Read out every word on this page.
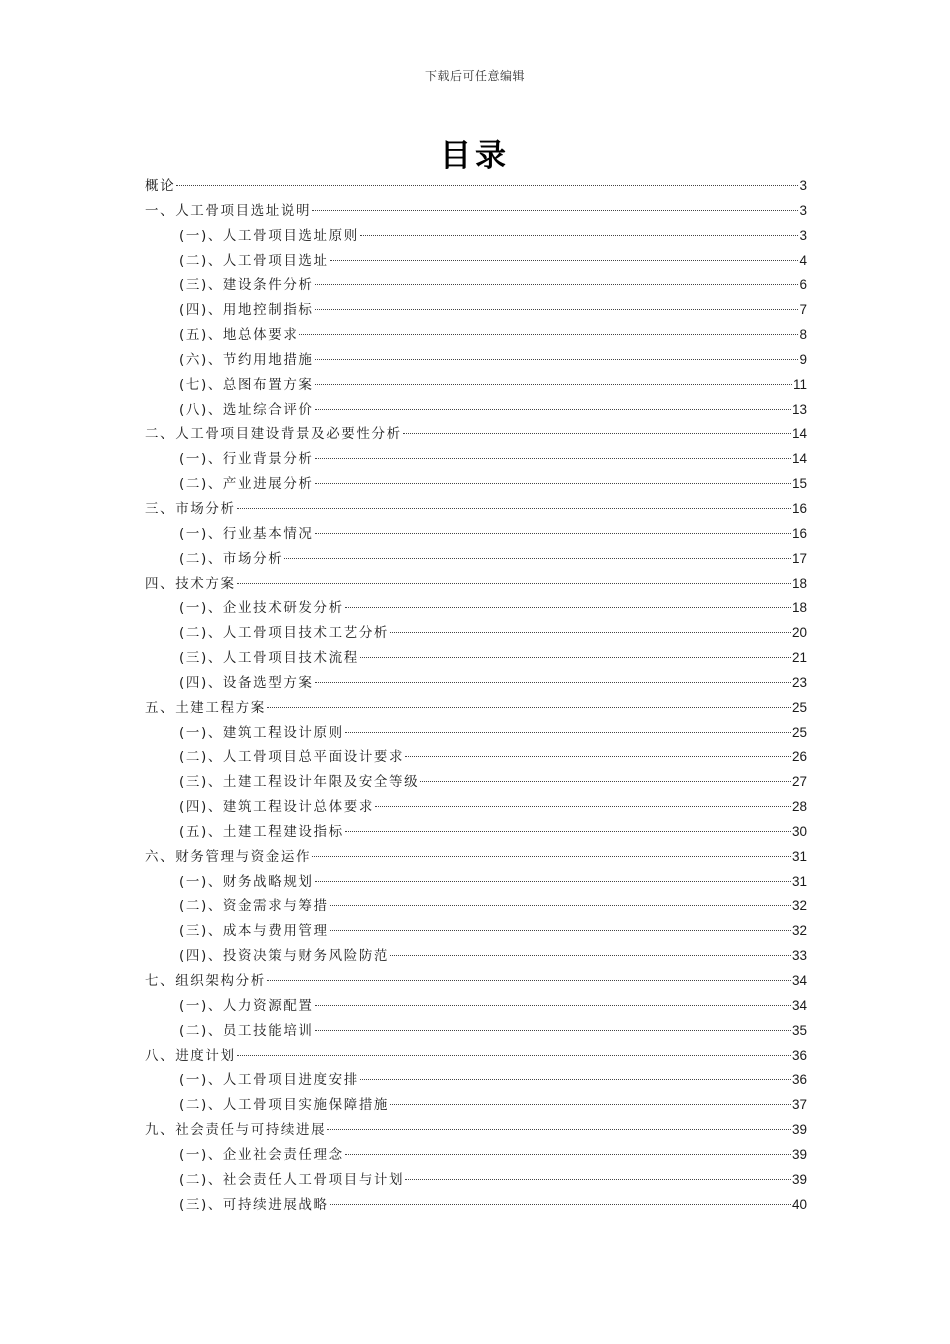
下载后可任意编辑
目录
概论	3
一、人工骨项目选址说明	3
(一)、人工骨项目选址原则	3
(二)、人工骨项目选址	4
(三)、建设条件分析	6
(四)、用地控制指标	7
(五)、地总体要求	8
(六)、节约用地措施	9
(七)、总图布置方案	11
(八)、选址综合评价	13
二、人工骨项目建设背景及必要性分析	14
(一)、行业背景分析	14
(二)、产业进展分析	15
三、市场分析	16
(一)、行业基本情况	16
(二)、市场分析	17
四、技术方案	18
(一)、企业技术研发分析	18
(二)、人工骨项目技术工艺分析	20
(三)、人工骨项目技术流程	21
(四)、设备选型方案	23
五、土建工程方案	25
(一)、建筑工程设计原则	25
(二)、人工骨项目总平面设计要求	26
(三)、土建工程设计年限及安全等级	27
(四)、建筑工程设计总体要求	28
(五)、土建工程建设指标	30
六、财务管理与资金运作	31
(一)、财务战略规划	31
(二)、资金需求与筹措	32
(三)、成本与费用管理	32
(四)、投资决策与财务风险防范	33
七、组织架构分析	34
(一)、人力资源配置	34
(二)、员工技能培训	35
八、进度计划	36
(一)、人工骨项目进度安排	36
(二)、人工骨项目实施保障措施	37
九、社会责任与可持续进展	39
(一)、企业社会责任理念	39
(二)、社会责任人工骨项目与计划	39
(三)、可持续进展战略	40
